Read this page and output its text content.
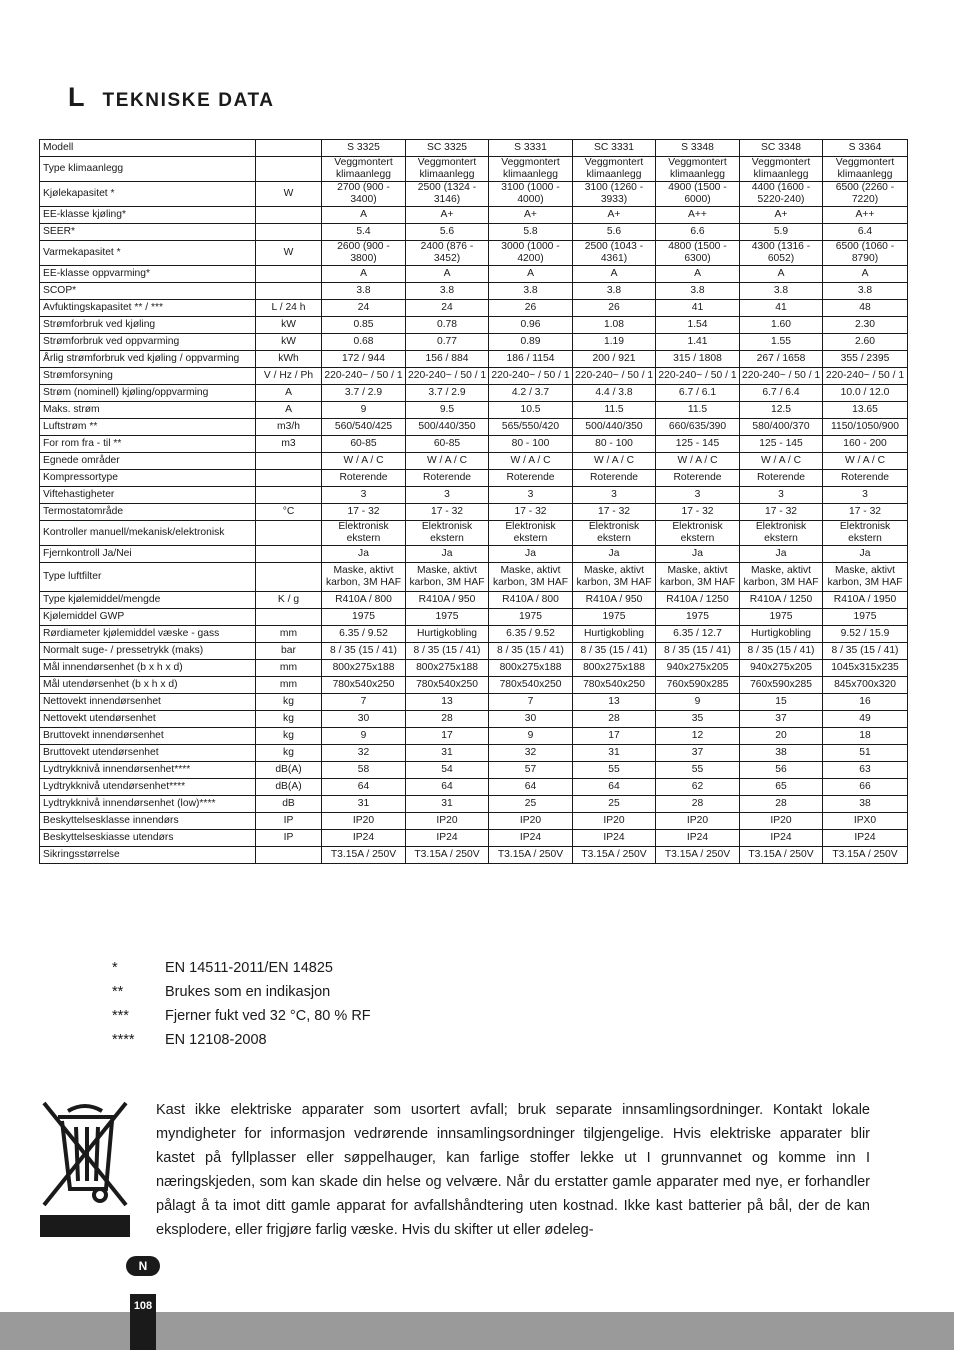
L TEKNISKE DATA
Modell		S 3325	SC 3325	S 3331	SC 3331	S 3348	SC 3348	S 3364
Type klimaanlegg		Veggmontert klimaanlegg	Veggmontert klimaanlegg	Veggmontert klimaanlegg	Veggmontert klimaanlegg	Veggmontert klimaanlegg	Veggmontert klimaanlegg	Veggmontert klimaanlegg
Kjølekapasitet *	W	2700 (900 - 3400)	2500 (1324 - 3146)	3100 (1000 - 4000)	3100 (1260 - 3933)	4900 (1500 - 6000)	4400 (1600 - 5220-240)	6500 (2260 - 7220)
EE-klasse kjøling*		A	A+	A+	A+	A++	A+	A++
SEER*		5.4	5.6	5.8	5.6	6.6	5.9	6.4
Varmekapasitet *	W	2600 (900 - 3800)	2400 (876 - 3452)	3000 (1000 - 4200)	2500 (1043 - 4361)	4800 (1500 - 6300)	4300 (1316 - 6052)	6500 (1060 - 8790)
EE-klasse oppvarming*		A	A	A	A	A	A	A
SCOP*		3.8	3.8	3.8	3.8	3.8	3.8	3.8
Avfuktingskapasitet ** / ***	L / 24 h	24	24	26	26	41	41	48
Strømforbruk ved kjøling	kW	0.85	0.78	0.96	1.08	1.54	1.60	2.30
Strømforbruk ved oppvarming	kW	0.68	0.77	0.89	1.19	1.41	1.55	2.60
Årlig strømforbruk ved kjøling / oppvarming	kWh	172 / 944	156 / 884	186 / 1154	200 / 921	315 / 1808	267 / 1658	355 / 2395
Strømforsyning	V / Hz / Ph	220-240~ / 50 / 1	220-240~ / 50 / 1	220-240~ / 50 / 1	220-240~ / 50 / 1	220-240~ / 50 / 1	220-240~ / 50 / 1	220-240~ / 50 / 1
Strøm (nominell) kjøling/oppvarming	A	3.7 / 2.9	3.7 / 2.9	4.2 / 3.7	4.4 / 3.8	6.7 / 6.1	6.7 / 6.4	10.0 / 12.0
Maks. strøm	A	9	9.5	10.5	11.5	11.5	12.5	13.65
Luftstrøm **	m3/h	560/540/425	500/440/350	565/550/420	500/440/350	660/635/390	580/400/370	1150/1050/900
For rom fra - til **	m3	60-85	60-85	80 - 100	80 - 100	125 - 145	125 - 145	160 - 200
Egnede områder		W / A / C	W / A / C	W / A / C	W / A / C	W / A / C	W / A / C	W / A / C
Kompressortype		Roterende	Roterende	Roterende	Roterende	Roterende	Roterende	Roterende
Viftehastigheter		3	3	3	3	3	3	3
Termostatområde	°C	17 - 32	17 - 32	17 - 32	17 - 32	17 - 32	17 - 32	17 - 32
Kontroller manuell/mekanisk/elektronisk		Elektronisk ekstern	Elektronisk ekstern	Elektronisk ekstern	Elektronisk ekstern	Elektronisk ekstern	Elektronisk ekstern	Elektronisk ekstern
Fjernkontroll Ja/Nei		Ja	Ja	Ja	Ja	Ja	Ja	Ja
Type luftfilter		Maske, aktivt karbon, 3M HAF	Maske, aktivt karbon, 3M HAF	Maske, aktivt karbon, 3M HAF	Maske, aktivt karbon, 3M HAF	Maske, aktivt karbon, 3M HAF	Maske, aktivt karbon, 3M HAF	Maske, aktivt karbon, 3M HAF
Type kjølemiddel/mengde	K / g	R410A / 800	R410A / 950	R410A / 800	R410A / 950	R410A / 1250	R410A / 1250	R410A / 1950
Kjølemiddel GWP		1975	1975	1975	1975	1975	1975	1975
Rørdiameter kjølemiddel væske - gass	mm	6.35 / 9.52	Hurtigkobling	6.35 / 9.52	Hurtigkobling	6.35 / 12.7	Hurtigkobling	9.52 / 15.9
Normalt suge- / pressetrykk (maks)	bar	8 / 35 (15 / 41)	8 / 35 (15 / 41)	8 / 35 (15 / 41)	8 / 35 (15 / 41)	8 / 35 (15 / 41)	8 / 35 (15 / 41)	8 / 35 (15 / 41)
Mål innendørsenhet (b x h x d)	mm	800x275x188	800x275x188	800x275x188	800x275x188	940x275x205	940x275x205	1045x315x235
Mål utendørsenhet (b x h x d)	mm	780x540x250	780x540x250	780x540x250	780x540x250	760x590x285	760x590x285	845x700x320
Nettovekt innendørsenhet	kg	7	13	7	13	9	15	16
Nettovekt utendørsenhet	kg	30	28	30	28	35	37	49
Bruttovekt innendørsenhet	kg	9	17	9	17	12	20	18
Bruttovekt utendørsenhet	kg	32	31	32	31	37	38	51
Lydtrykknivå innendørsenhet****	dB(A)	58	54	57	55	55	56	63
Lydtrykknivå utendørsenhet****	dB(A)	64	64	64	64	62	65	66
Lydtrykknivå innendørsenhet (low)****	dB	31	31	25	25	28	28	38
Beskyttelsesklasse innendørs	IP	IP20	IP20	IP20	IP20	IP20	IP20	IPX0
Beskyttelseskiasse utendørs	IP	IP24	IP24	IP24	IP24	IP24	IP24	IP24
Sikringsstørrelse		T3.15A / 250V	T3.15A / 250V	T3.15A / 250V	T3.15A / 250V	T3.15A / 250V	T3.15A / 250V	T3.15A / 250V
*	EN 14511-2011/EN 14825
**	Brukes som en indikasjon
***	Fjerner fukt ved 32 °C, 80 % RF
****	EN 12108-2008

Kast ikke elektriske apparater som usortert avfall; bruk separate innsamlingsordninger. Kontakt lokale myndigheter for informasjon vedrørende innsamlingsordninger tilgjengelige. Hvis elektriske apparater blir kastet på fyllplasser eller søppelhauger, kan farlige stoffer lekke ut I grunnvannet og komme inn I næringskjeden, som kan skade din helse og velvære. Når du erstatter gamle apparater med nye, er forhandler pålagt å ta imot ditt gamle apparat for avfallshåndtering uten kostnad. Ikke kast batterier på bål, der de kan eksplodere, eller frigjøre farlig væske. Hvis du skifter ut eller ødeleg-

N
108
